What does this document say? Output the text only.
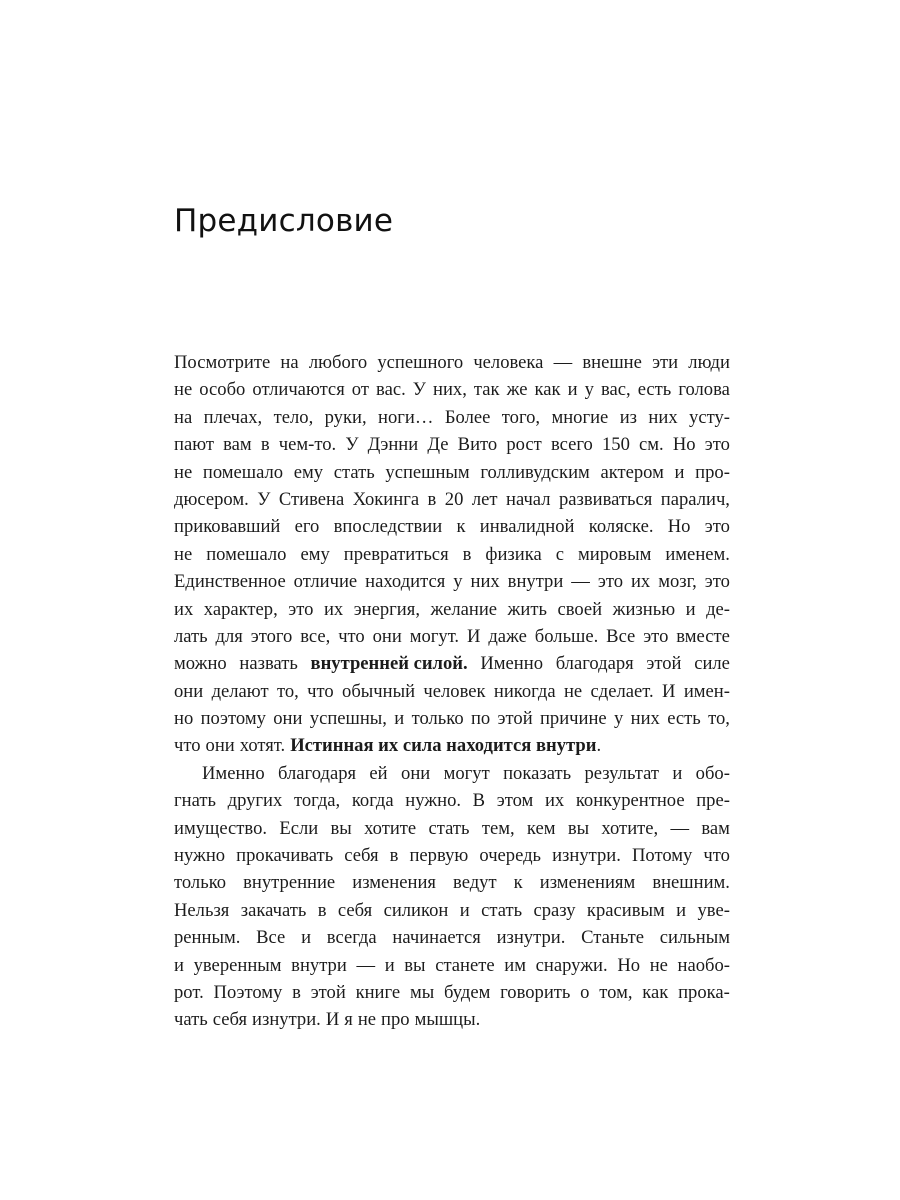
Предисловие
Посмотрите на любого успешного человека — внешне эти люди
не особо отличаются от вас. У них, так же как и у вас, есть голова
на плечах, тело, руки, ноги… Более того, многие из них усту-
пают вам в чем-то. У Дэнни Де Вито рост всего 150 см. Но это
не помешало ему стать успешным голливудским актером и про-
дюсером. У Стивена Хокинга в 20 лет начал развиваться паралич,
приковавший его впоследствии к инвалидной коляске. Но это
не помешало ему превратиться в физика с мировым именем.
Единственное отличие находится у них внутри — это их мозг, это
их характер, это их энергия, желание жить своей жизнью и де-
лать для этого все, что они могут. И даже больше. Все это вместе
можно назвать внутренней силой. Именно благодаря этой силе
они делают то, что обычный человек никогда не сделает. И имен-
но поэтому они успешны, и только по этой причине у них есть то,
что они хотят. Истинная их сила находится внутри .
Именно благодаря ей они могут показать результат и обо-
гнать других тогда, когда нужно. В этом их конкурентное пре-
имущество. Если вы хотите стать тем, кем вы хотите, — вам
нужно прокачивать себя в первую очередь изнутри. Потому что
только внутренние изменения ведут к изменениям внешним.
Нельзя закачать в себя силикон и стать сразу красивым и уве-
ренным. Все и всегда начинается изнутри. Станьте сильным
и уверенным внутри — и вы станете им снаружи. Но не наобо-
рот. Поэтому в этой книге мы будем говорить о том, как прока-
чать себя изнутри. И я не про мышцы.
